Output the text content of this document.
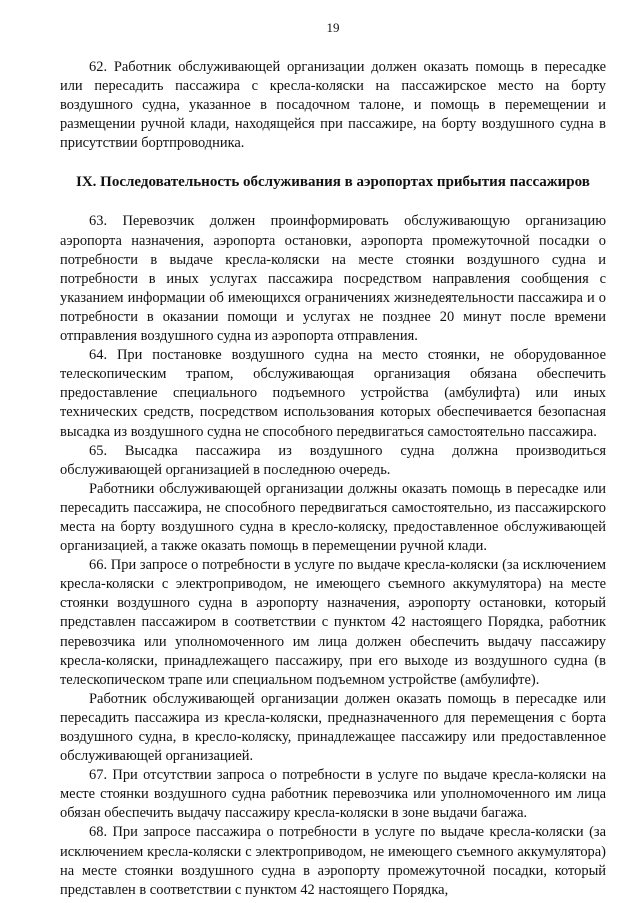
19

62. Работник обслуживающей организации должен оказать помощь в пересадке или пересадить пассажира с кресла-коляски на пассажирское место на борту воздушного судна, указанное в посадочном талоне, и помощь в перемещении и размещении ручной клади, находящейся при пассажире, на борту воздушного судна в присутствии бортпроводника.

IX. Последовательность обслуживания в аэропортах прибытия пассажиров

63. Перевозчик должен проинформировать обслуживающую организацию аэропорта назначения, аэропорта остановки, аэропорта промежуточной посадки о потребности в выдаче кресла-коляски на месте стоянки воздушного судна и потребности в иных услугах пассажира посредством направления сообщения с указанием информации об имеющихся ограничениях жизнедеятельности пассажира и о потребности в оказании помощи и услугах не позднее 20 минут после времени отправления воздушного судна из аэропорта отправления.

64. При постановке воздушного судна на место стоянки, не оборудованное телескопическим трапом, обслуживающая организация обязана обеспечить предоставление специального подъемного устройства (амбулифта) или иных технических средств, посредством использования которых обеспечивается безопасная высадка из воздушного судна не способного передвигаться самостоятельно пассажира.

65. Высадка пассажира из воздушного судна должна производиться обслуживающей организацией в последнюю очередь.

Работники обслуживающей организации должны оказать помощь в пересадке или пересадить пассажира, не способного передвигаться самостоятельно, из пассажирского места на борту воздушного судна в кресло-коляску, предоставленное обслуживающей организацией, а также оказать помощь в перемещении ручной клади.

66. При запросе о потребности в услуге по выдаче кресла-коляски (за исключением кресла-коляски с электроприводом, не имеющего съемного аккумулятора) на месте стоянки воздушного судна в аэропорту назначения, аэропорту остановки, который представлен пассажиром в соответствии с пунктом 42 настоящего Порядка, работник перевозчика или уполномоченного им лица должен обеспечить выдачу пассажиру кресла-коляски, принадлежащего пассажиру, при его выходе из воздушного судна (в телескопическом трапе или специальном подъемном устройстве (амбулифте).

Работник обслуживающей организации должен оказать помощь в пересадке или пересадить пассажира из кресла-коляски, предназначенного для перемещения с борта воздушного судна, в кресло-коляску, принадлежащее пассажиру или предоставленное обслуживающей организацией.

67. При отсутствии запроса о потребности в услуге по выдаче кресла-коляски на месте стоянки воздушного судна работник перевозчика или уполномоченного им лица обязан обеспечить выдачу пассажиру кресла-коляски в зоне выдачи багажа.

68. При запросе пассажира о потребности в услуге по выдаче кресла-коляски (за исключением кресла-коляски с электроприводом, не имеющего съемного аккумулятора) на месте стоянки воздушного судна в аэропорту промежуточной посадки, который представлен в соответствии с пунктом 42 настоящего Порядка,
